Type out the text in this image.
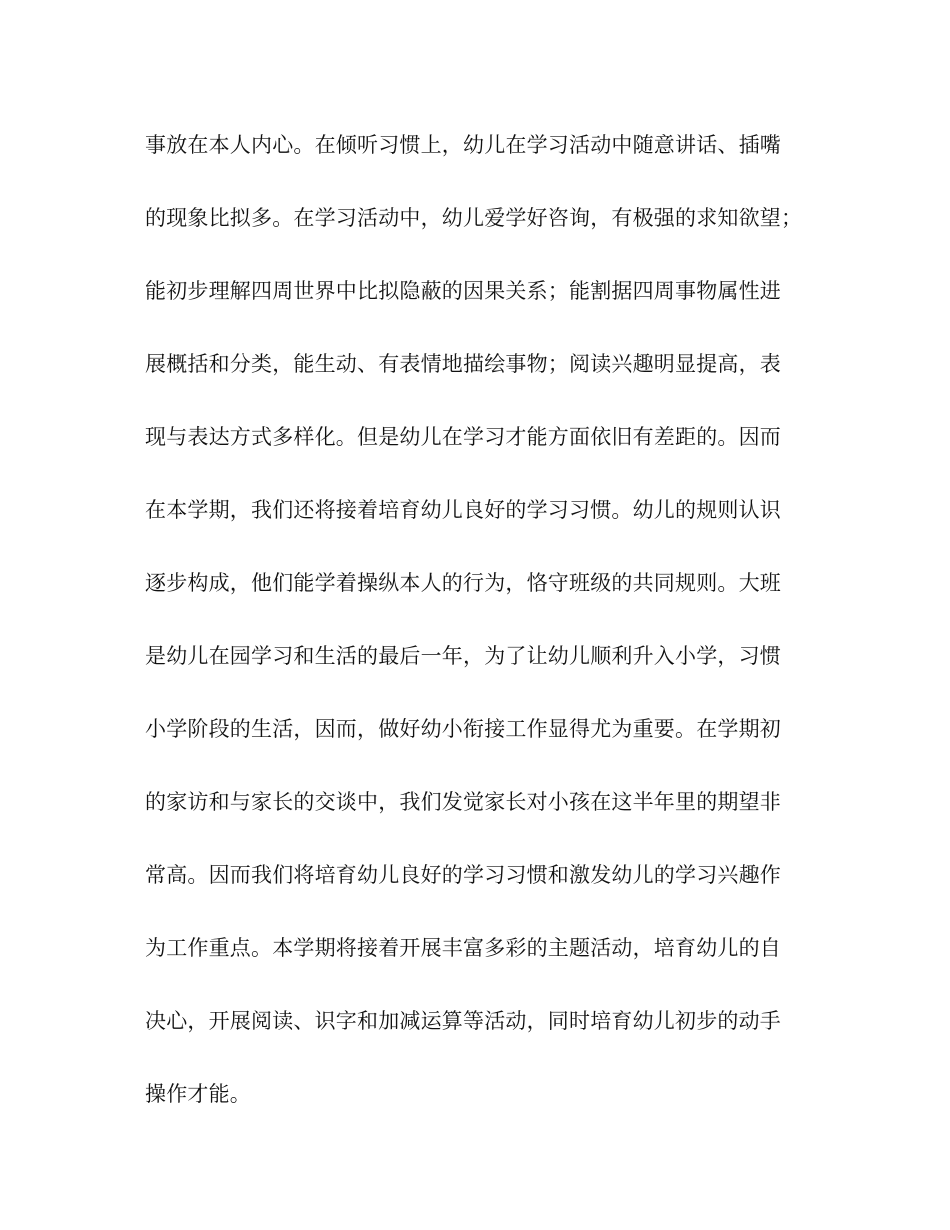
事放在本人内心。在倾听习惯上，幼儿在学习活动中随意讲话、插嘴
的现象比拟多。在学习活动中，幼儿爱学好咨询，有极强的求知欲望；
能初步理解四周世界中比拟隐蔽的因果关系；能割据四周事物属性进
展概括和分类，能生动、有表情地描绘事物；阅读兴趣明显提高，表
现与表达方式多样化。但是幼儿在学习才能方面依旧有差距的。因而
在本学期，我们还将接着培育幼儿良好的学习习惯。幼儿的规则认识
逐步构成，他们能学着操纵本人的行为，恪守班级的共同规则。大班
是幼儿在园学习和生活的最后一年，为了让幼儿顺利升入小学，习惯
小学阶段的生活，因而，做好幼小衔接工作显得尤为重要。在学期初
的家访和与家长的交谈中，我们发觉家长对小孩在这半年里的期望非
常高。因而我们将培育幼儿良好的学习习惯和激发幼儿的学习兴趣作
为工作重点。本学期将接着开展丰富多彩的主题活动，培育幼儿的自
决心，开展阅读、识字和加减运算等活动，同时培育幼儿初步的动手
操作才能。
